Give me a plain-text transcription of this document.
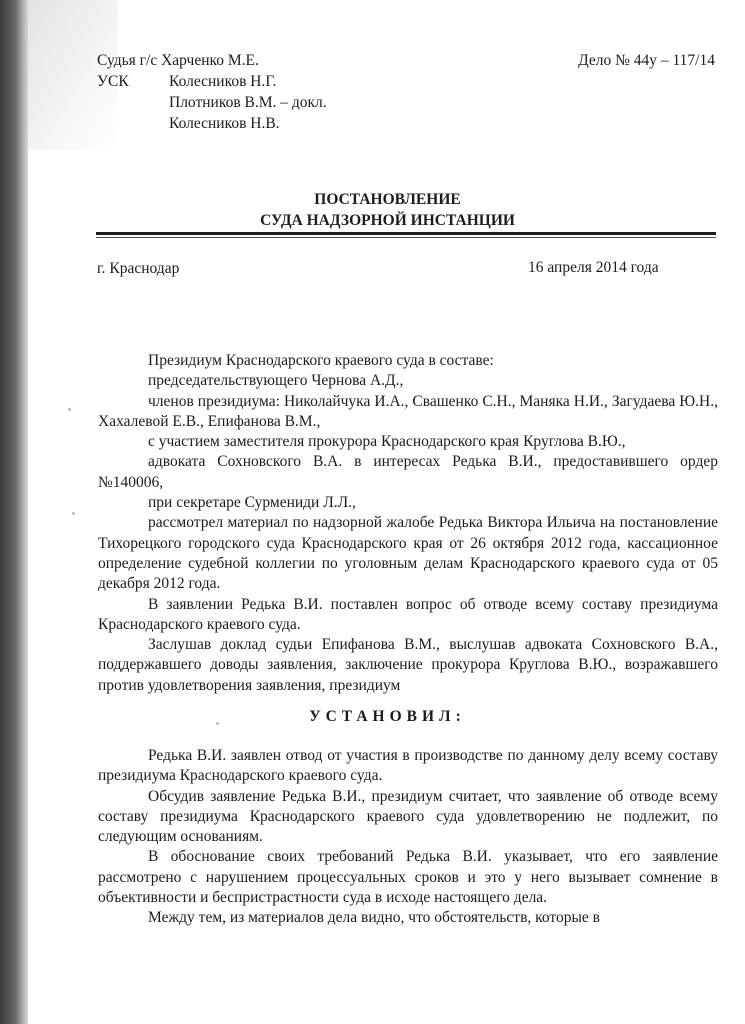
Судья г/с Харченко М.Е.
УСК	Колесников Н.Г.
Плотников В.М. – докл.
Колесников Н.В.
Дело № 44у – 117/14
ПОСТАНОВЛЕНИЕ
СУДА НАДЗОРНОЙ ИНСТАНЦИИ
г. Краснодар	16 апреля 2014 года
Президиум Краснодарского краевого суда в составе:
председательствующего Чернова А.Д.,
членов президиума: Николайчука И.А., Свашенко С.Н., Маняка Н.И., Загудаева Ю.Н., Хахалевой Е.В., Епифанова В.М.,
с участием заместителя прокурора Краснодарского края Круглова В.Ю.,
адвоката Сохновского В.А. в интересах Редька В.И., предоставившего ордер №140006,
при секретаре Сурмениди Л.Л.,
рассмотрел материал по надзорной жалобе Редька Виктора Ильича на постановление Тихорецкого городского суда Краснодарского края от 26 октября 2012 года, кассационное определение судебной коллегии по уголовным делам Краснодарского краевого суда от 05 декабря 2012 года.
В заявлении Редька В.И. поставлен вопрос об отводе всему составу президиума Краснодарского краевого суда.
Заслушав доклад судьи Епифанова В.М., выслушав адвоката Сохновского В.А., поддержавшего доводы заявления, заключение прокурора Круглова В.Ю., возражавшего против удовлетворения заявления, президиум
УСТАНОВИЛ:
Редька В.И. заявлен отвод от участия в производстве по данному делу всему составу президиума Краснодарского краевого суда.
Обсудив заявление Редька В.И., президиум считает, что заявление об отводе всему составу президиума Краснодарского краевого суда удовлетворению не подлежит, по следующим основаниям.
В обоснование своих требований Редька В.И. указывает, что его заявление рассмотрено с нарушением процессуальных сроков и это у него вызывает сомнение в объективности и беспристрастности суда в исходе настоящего дела.
Между тем, из материалов дела видно, что обстоятельств, которые в
